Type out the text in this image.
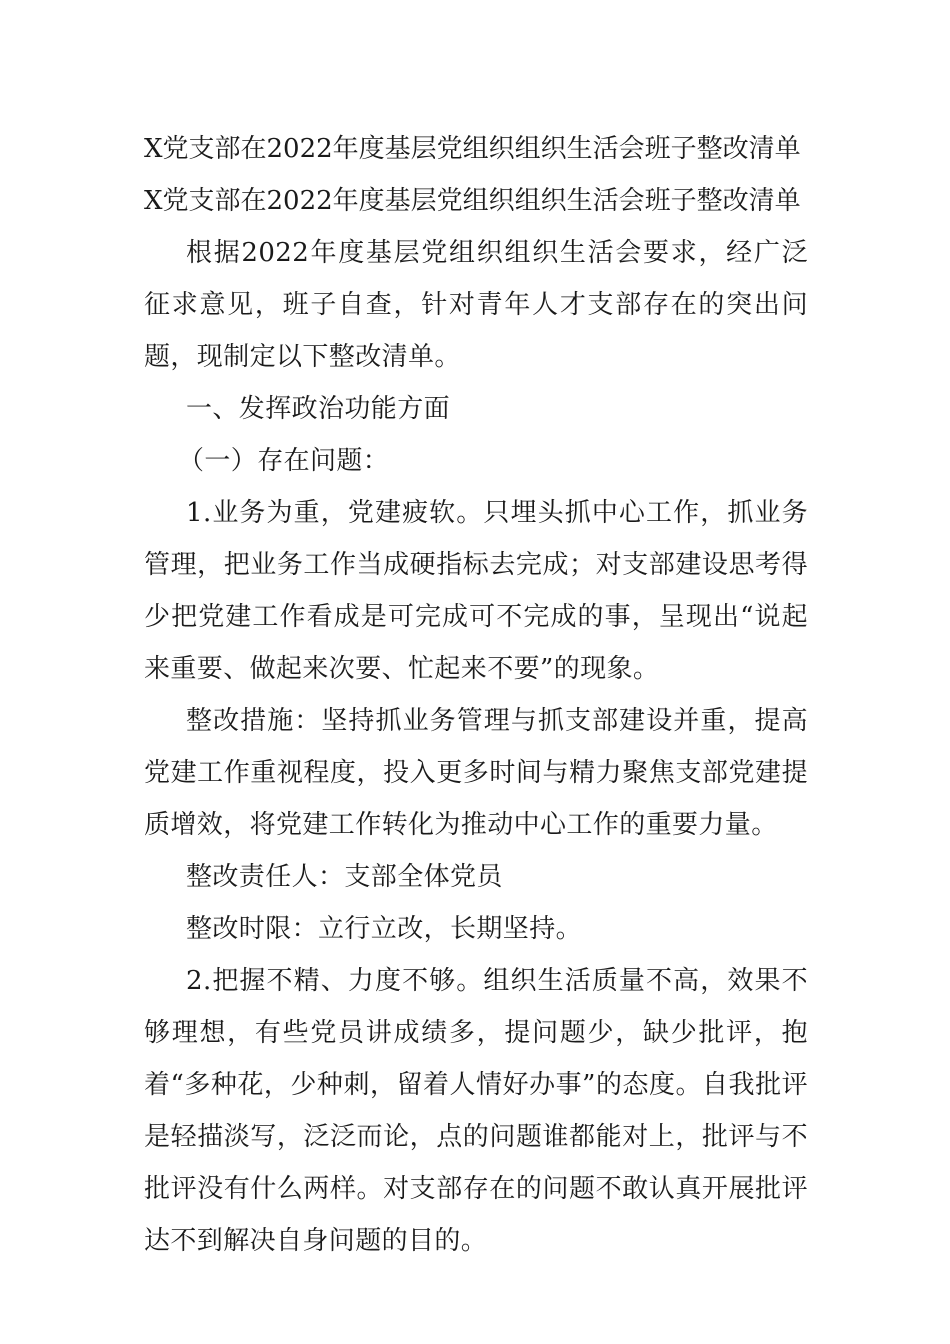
X党支部在2022年度基层党组织组织生活会班子整改清单

X党支部在2022年度基层党组织组织生活会班子整改清单

根据2022年度基层党组织组织生活会要求，经广泛征求意见，班子自查，针对青年人才支部存在的突出问题，现制定以下整改清单。

一、发挥政治功能方面

（一）存在问题：

1.业务为重，党建疲软。只埋头抓中心工作，抓业务管理，把业务工作当成硬指标去完成；对支部建设思考得少把党建工作看成是可完成可不完成的事，呈现出“说起来重要、做起来次要、忙起来不要”的现象。

整改措施：坚持抓业务管理与抓支部建设并重，提高党建工作重视程度，投入更多时间与精力聚焦支部党建提质增效，将党建工作转化为推动中心工作的重要力量。

整改责任人：支部全体党员

整改时限：立行立改，长期坚持。

2.把握不精、力度不够。组织生活质量不高，效果不够理想，有些党员讲成绩多，提问题少，缺少批评，抱着“多种花，少种刺，留着人情好办事”的态度。自我批评是轻描淡写，泛泛而论，点的问题谁都能对上，批评与不批评没有什么两样。对支部存在的问题不敢认真开展批评达不到解决自身问题的目的。
